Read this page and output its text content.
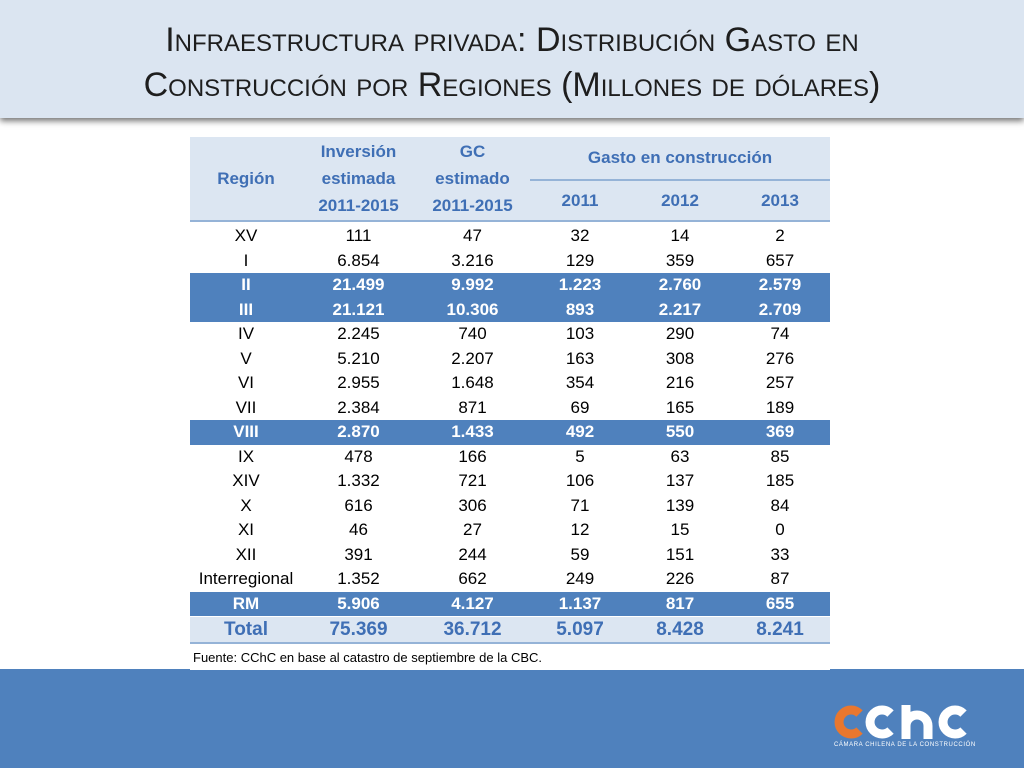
Infraestructura privada: Distribución Gasto en
Construcción por Regiones (Millones de dólares)
Región
Inversión
estimada
2011-2015
GC
estimado
2011-2015
Gasto en construcción
2011	2012	2013
XV	111	47	32	14	2
I	6.854	3.216	129	359	657
II	21.499	9.992	1.223	2.760	2.579
III	21.121	10.306	893	2.217	2.709
IV	2.245	740	103	290	74
V	5.210	2.207	163	308	276
VI	2.955	1.648	354	216	257
VII	2.384	871	69	165	189
VIII	2.870	1.433	492	550	369
IX	478	166	5	63	85
XIV	1.332	721	106	137	185
X	616	306	71	139	84
XI	46	27	12	15	0
XII	391	244	59	151	33
Interregional	1.352	662	249	226	87
RM	5.906	4.127	1.137	817	655
Total	75.369	36.712	5.097	8.428	8.241
Fuente: CChC en base al catastro de septiembre de la CBC.
CÁMARA CHILENA DE LA CONSTRUCCIÓN
